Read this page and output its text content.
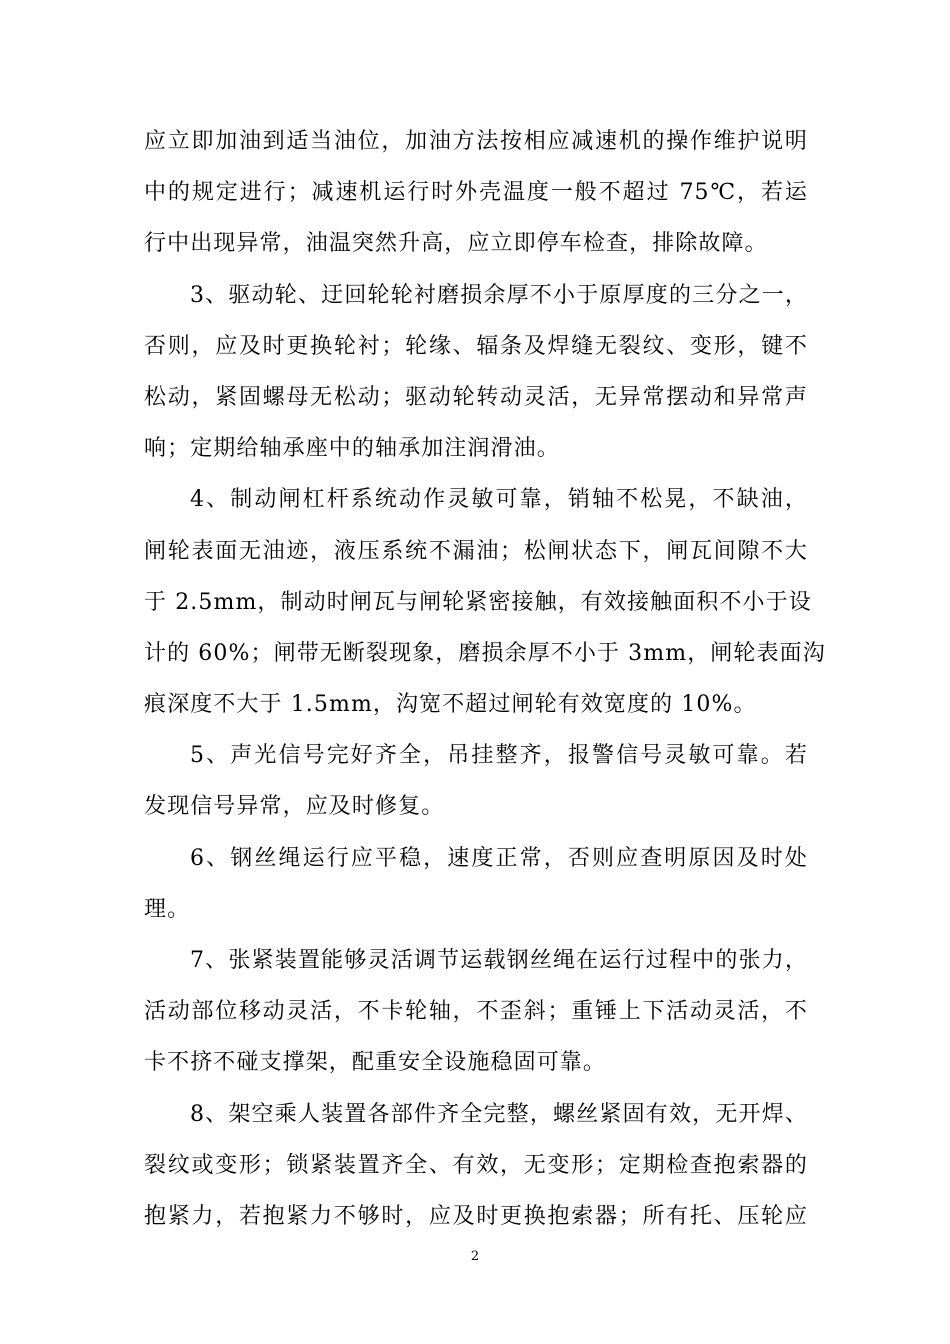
应立即加油到适当油位，加油方法按相应减速机的操作维护说明
中的规定进行；减速机运行时外壳温度一般不超过 75℃，若运
行中出现异常，油温突然升高，应立即停车检查，排除故障。
3、驱动轮、迂回轮轮衬磨损余厚不小于原厚度的三分之一，
否则，应及时更换轮衬；轮缘、辐条及焊缝无裂纹、变形，键不
松动，紧固螺母无松动；驱动轮转动灵活，无异常摆动和异常声
响；定期给轴承座中的轴承加注润滑油。
4、制动闸杠杆系统动作灵敏可靠，销轴不松晃，不缺油，
闸轮表面无油迹，液压系统不漏油；松闸状态下，闸瓦间隙不大
于 2.5mm，制动时闸瓦与闸轮紧密接触，有效接触面积不小于设
计的 60%；闸带无断裂现象，磨损余厚不小于 3mm，闸轮表面沟
痕深度不大于 1.5mm，沟宽不超过闸轮有效宽度的 10%。
5、声光信号完好齐全，吊挂整齐，报警信号灵敏可靠。若
发现信号异常，应及时修复。
6、钢丝绳运行应平稳，速度正常，否则应查明原因及时处
理。
7、张紧装置能够灵活调节运载钢丝绳在运行过程中的张力，
活动部位移动灵活，不卡轮轴，不歪斜；重锤上下活动灵活，不
卡不挤不碰支撑架，配重安全设施稳固可靠。
8、架空乘人装置各部件齐全完整，螺丝紧固有效，无开焊、
裂纹或变形；锁紧装置齐全、有效，无变形；定期检查抱索器的
抱紧力，若抱紧力不够时，应及时更换抱索器；所有托、压轮应
2
